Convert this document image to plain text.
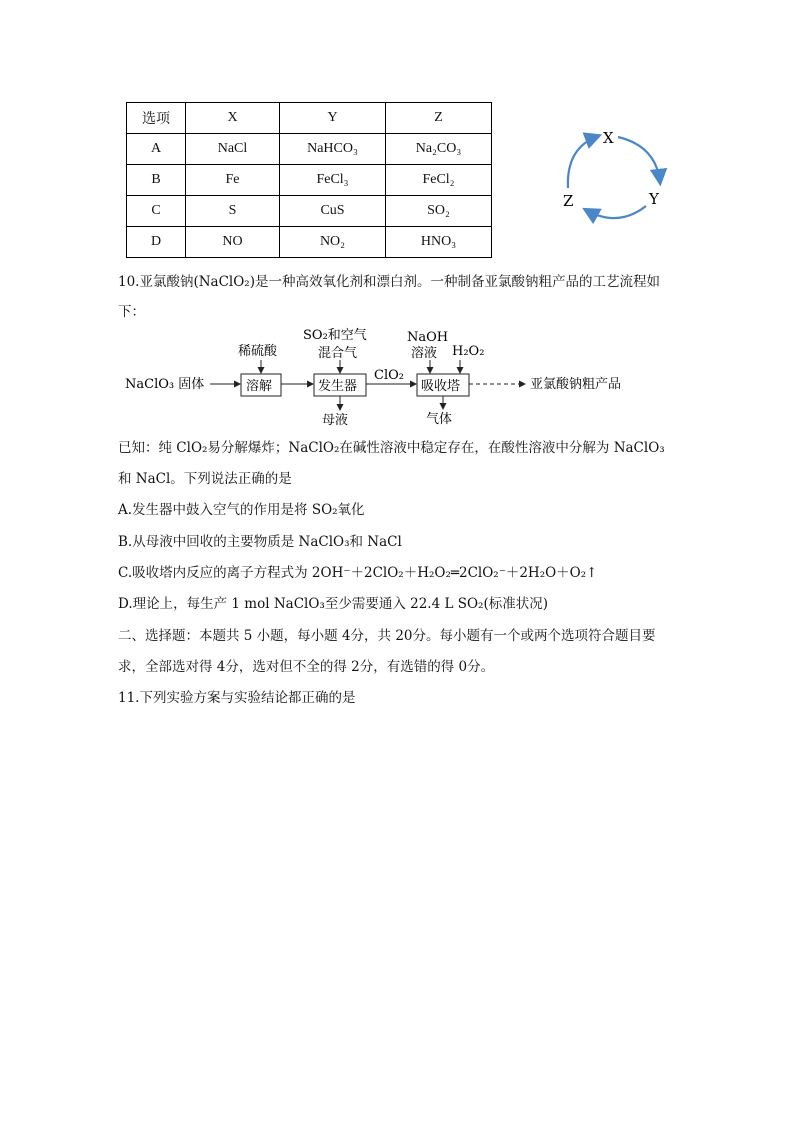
选项	X	Y	Z
A	NaCl	NaHCO₃	Na₂CO₃
B	Fe	FeCl₃	FeCl₂
C	S	CuS	SO₂
D	NO	NO₂	HNO₃
X
Y
Z
10.亚氯酸钠(NaClO₂)是一种高效氧化剂和漂白剂。一种制备亚氯酸钠粗产品的工艺流程如
下：
NaClO₃ 固体	溶解
稀硫酸
发生器
SO₂和空气
混合气
母液
ClO₂
吸收塔
NaOH
溶液 H₂O₂
气体
亚氯酸钠粗产品
已知：纯 ClO₂易分解爆炸；NaClO₂在碱性溶液中稳定存在，在酸性溶液中分解为 NaClO₃
和 NaCl。下列说法正确的是
A.发生器中鼓入空气的作用是将 SO₂氧化
B.从母液中回收的主要物质是 NaClO₃和 NaCl
C.吸收塔内反应的离子方程式为 2OH⁻＋2ClO₂＋H₂O₂═2ClO₂⁻＋2H₂O＋O₂↑
D.理论上，每生产 1 mol NaClO₃至少需要通入 22.4 L SO₂(标准状况)
二、选择题：本题共 5 小题，每小题 4分，共 20分。每小题有一个或两个选项符合题目要
求，全部选对得 4分，选对但不全的得 2分，有选错的得 0分。
11.下列实验方案与实验结论都正确的是
